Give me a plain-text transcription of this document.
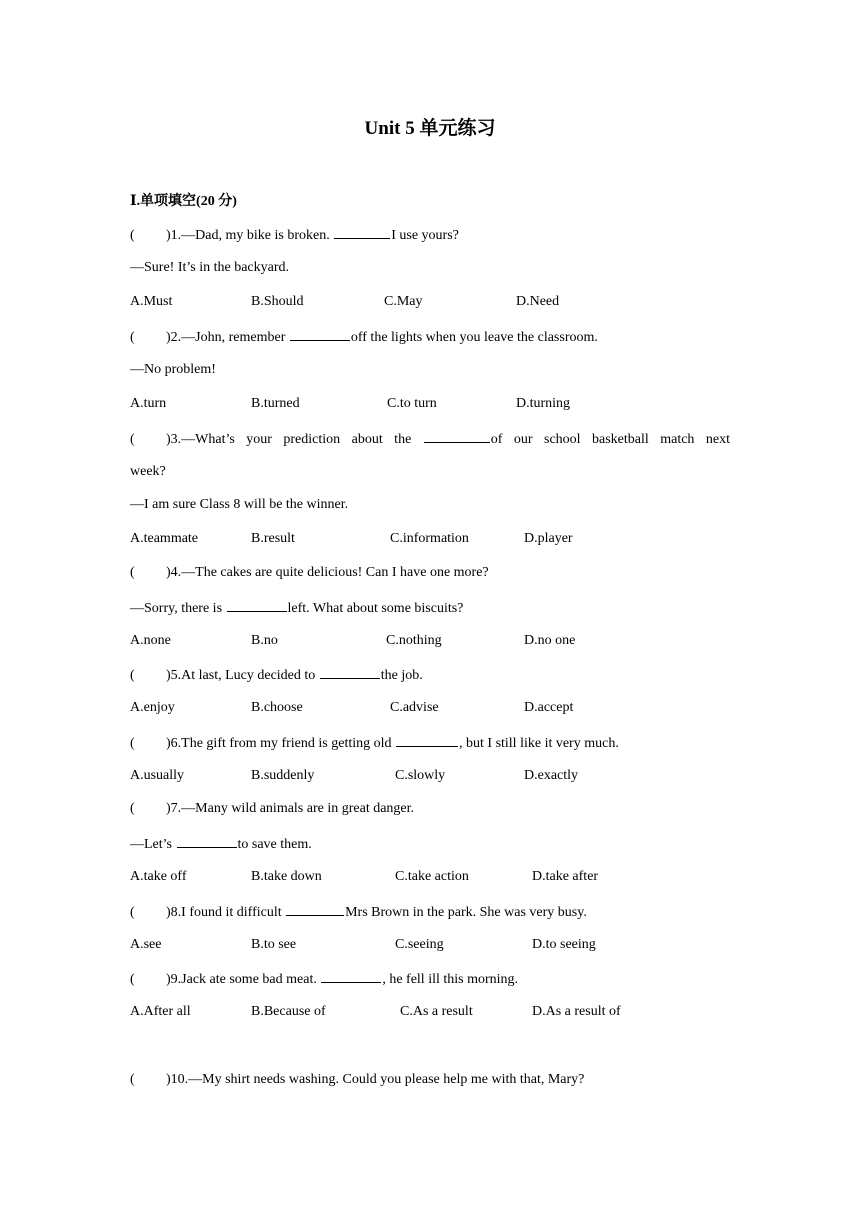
Unit 5 单元练习
Ⅰ.单项填空(20 分)
( )1.—Dad, my bike is broken.	I use yours?
—Sure! It’s in the backyard.
A.Must	B.Should	C.May	D.Need
( )2.—John, remember	off the lights when you leave the classroom.
—No problem!
A.turn	B.turned	C.to turn	D.turning
( )3.—What’s your prediction about the	of our school basketball match next
week?
—I am sure Class 8 will be the winner.
A.teammate	B.result	C.information	D.player
( )4.—The cakes are quite delicious! Can I have one more?
—Sorry, there is	left. What about some biscuits?
A.none	B.no	C.nothing	D.no one
( )5.At last, Lucy decided to	the job.
A.enjoy	B.choose	C.advise	D.accept
( )6.The gift from my friend is getting old	, but I still like it very much.
A.usually	B.suddenly	C.slowly	D.exactly
( )7.—Many wild animals are in great danger.
—Let’s	to save them.
A.take off	B.take down	C.take action	D.take after
( )8.I found it difficult	Mrs Brown in the park. She was very busy.
A.see	B.to see	C.seeing	D.to seeing
( )9.Jack ate some bad meat.	, he fell ill this morning.
A.After all	B.Because of	C.As a result	D.As a result of
( )10.—My shirt needs washing. Could you please help me with that, Mary?
